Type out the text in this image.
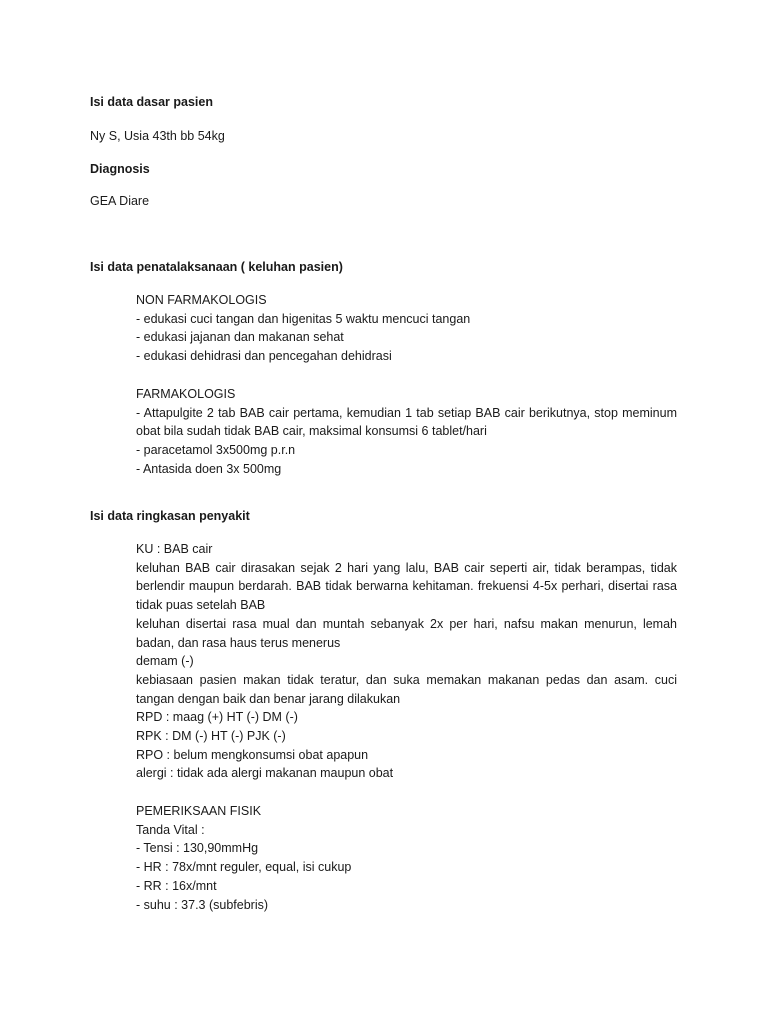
Isi data dasar pasien
Ny S, Usia 43th bb 54kg
Diagnosis
GEA Diare
Isi data penatalaksanaan ( keluhan pasien)
NON FARMAKOLOGIS
- edukasi cuci tangan dan higenitas 5 waktu mencuci tangan
- edukasi jajanan dan makanan sehat
- edukasi dehidrasi dan pencegahan dehidrasi
FARMAKOLOGIS
- Attapulgite 2 tab BAB cair pertama, kemudian 1 tab setiap BAB cair berikutnya, stop meminum obat bila sudah tidak BAB cair, maksimal konsumsi 6 tablet/hari
- paracetamol 3x500mg p.r.n
- Antasida doen 3x 500mg
Isi data ringkasan penyakit
KU : BAB cair
keluhan BAB cair dirasakan sejak 2 hari yang lalu, BAB cair seperti air, tidak berampas, tidak berlendir maupun berdarah. BAB tidak berwarna kehitaman. frekuensi 4-5x perhari, disertai rasa tidak puas setelah BAB
keluhan disertai rasa mual dan muntah sebanyak 2x per hari, nafsu makan menurun, lemah badan, dan rasa haus terus menerus
demam (-)
kebiasaan pasien makan tidak teratur, dan suka memakan makanan pedas dan asam. cuci tangan dengan baik dan benar jarang dilakukan
RPD : maag (+) HT (-) DM (-)
RPK : DM (-) HT (-) PJK (-)
RPO : belum mengkonsumsi obat apapun
alergi : tidak ada alergi makanan maupun obat
PEMERIKSAAN FISIK
Tanda Vital :
- Tensi : 130,90mmHg
- HR : 78x/mnt reguler, equal, isi cukup
- RR : 16x/mnt
- suhu : 37.3 (subfebris)
